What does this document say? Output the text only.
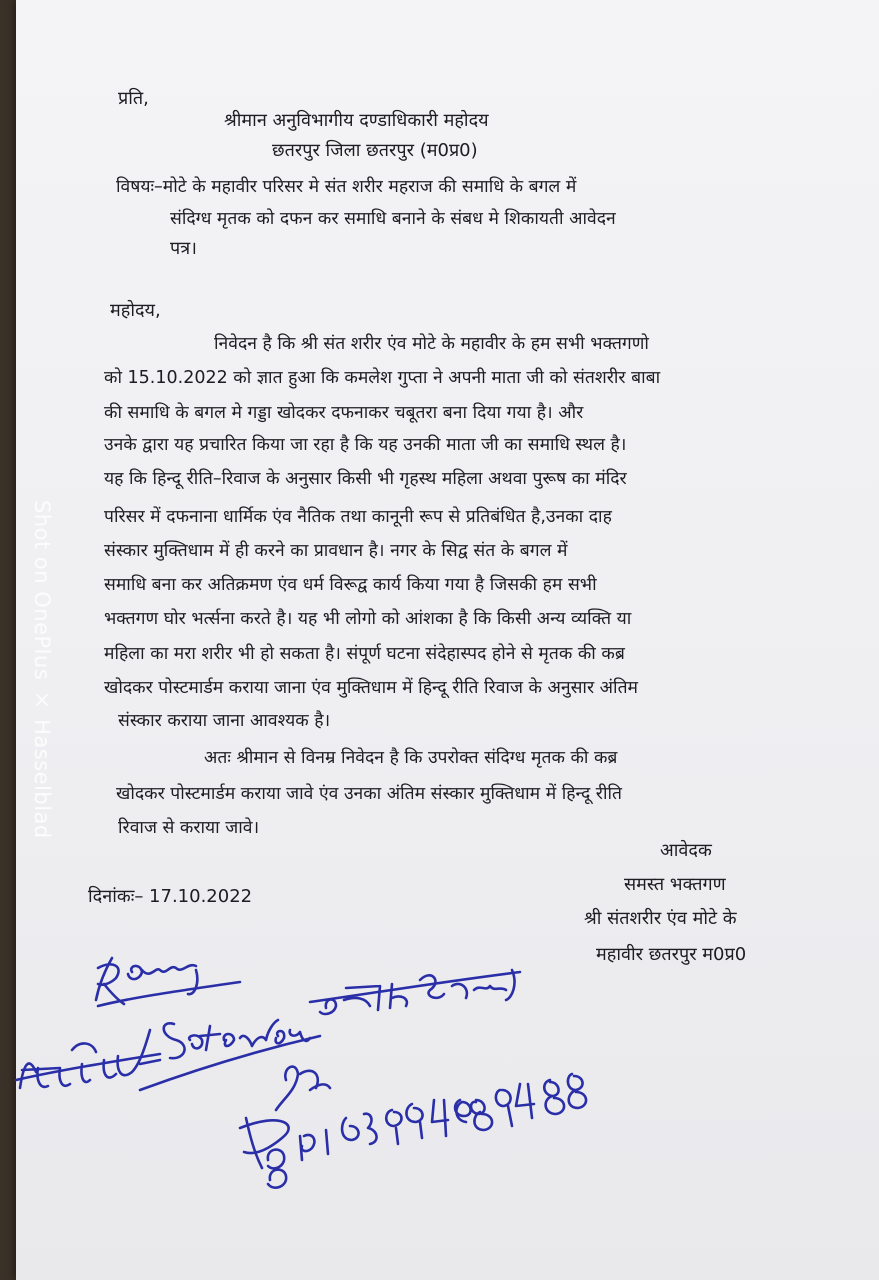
प्रति,
श्रीमान अनुविभागीय दण्डाधिकारी महोदय
छतरपुर जिला छतरपुर (म0प्र0)
विषयः–मोटे के महावीर परिसर मे संत शरीर महराज की समाधि के बगल में
संदिग्ध मृतक को दफन कर समाधि बनाने के संबध मे शिकायती आवेदन
पत्र।
महोदय,
निवेदन है कि श्री संत शरीर एंव मोटे के महावीर के हम सभी भक्तगणो
को 15.10.2022 को ज्ञात हुआ कि कमलेश गुप्ता ने अपनी माता जी को संतशरीर बाबा
की समाधि के बगल मे गड्डा खोदकर दफनाकर चबूतरा बना दिया गया है। और
उनके द्वारा यह प्रचारित किया जा रहा है कि यह उनकी माता जी का समाधि स्थल है।
यह कि हिन्दू रीति–रिवाज के अनुसार किसी भी गृहस्थ महिला अथवा पुरूष का मंदिर
परिसर में दफनाना धार्मिक एंव नैतिक तथा कानूनी रूप से प्रतिबंधित है,उनका दाह
संस्कार मुक्तिधाम में ही करने का प्रावधान है। नगर के सिद्व संत के बगल में
समाधि बना कर अतिक्रमण एंव धर्म विरूद्व कार्य किया गया है जिसकी हम सभी
भक्तगण घोर भर्त्सना करते है। यह भी लोगो को आंशका है कि किसी अन्य व्यक्ति या
महिला का मरा शरीर भी हो सकता है। संपूर्ण घटना संदेहास्पद होने से मृतक की कब्र
खोदकर पोस्टमार्डम कराया जाना एंव मुक्तिधाम में हिन्दू रीति रिवाज के अनुसार अंतिम
संस्कार कराया जाना आवश्यक है।
अतः श्रीमान से विनम्र निवेदन है कि उपरोक्त संदिग्ध मृतक की कब्र
खोदकर पोस्टमार्डम कराया जावे एंव उनका अंतिम संस्कार मुक्तिधाम में हिन्दू रीति
रिवाज से कराया जावे।
आवेदक
समस्त भक्तगण
दिनांकः– 17.10.2022
श्री संतशरीर एंव मोटे के
महावीर छतरपुर म0प्र0
Shot on OnePlus × Hasselblad
